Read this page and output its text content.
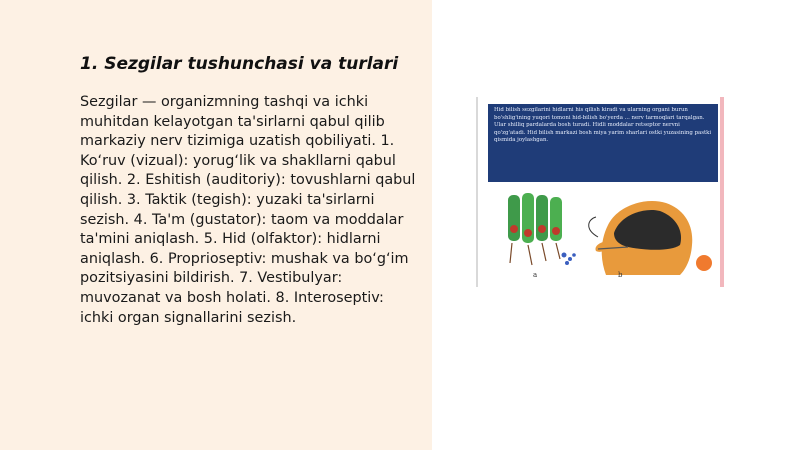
1. Sezgilar tushunchasi va turlari

Sezgilar — organizmning tashqi va ichki muhitdan kelayotgan ta'sirlarni qabul qilib markaziy nerv tizimiga uzatish qobiliyati. 1. Ko‘ruv (vizual): yorug‘lik va shakllarni qabul qilish. 2. Eshitish (auditoriy): tovushlarni qabul qilish. 3. Taktik (tegish): yuzaki ta'sirlarni sezish. 4. Ta'm (gustator): taom va moddalar ta'mini aniqlash. 5. Hid (olfaktor): hidlarni aniqlash. 6. Proprioseptiv: mushak va bo‘g‘im pozitsiyasini bildirish. 7. Vestibulyar: muvozanat va bosh holati. 8. Interoseptiv: ichki organ signallarini sezish.

Hid bilish sezgilarini hidlarni his qilish kiradi va ularning organi burun bo'shlig'ining yuqori tomoni hid-bilish bo'yerda ... nerv tarmoqlari tarqalgan. Ular shilliq pardalarda bosh turadi. Hidli moddalar retseptor nervni qo'zg'atadi. Hid bilish markazi bosh miya yarim sharlari ostki yuzasining pastki qismida joylashgan.
a	b
